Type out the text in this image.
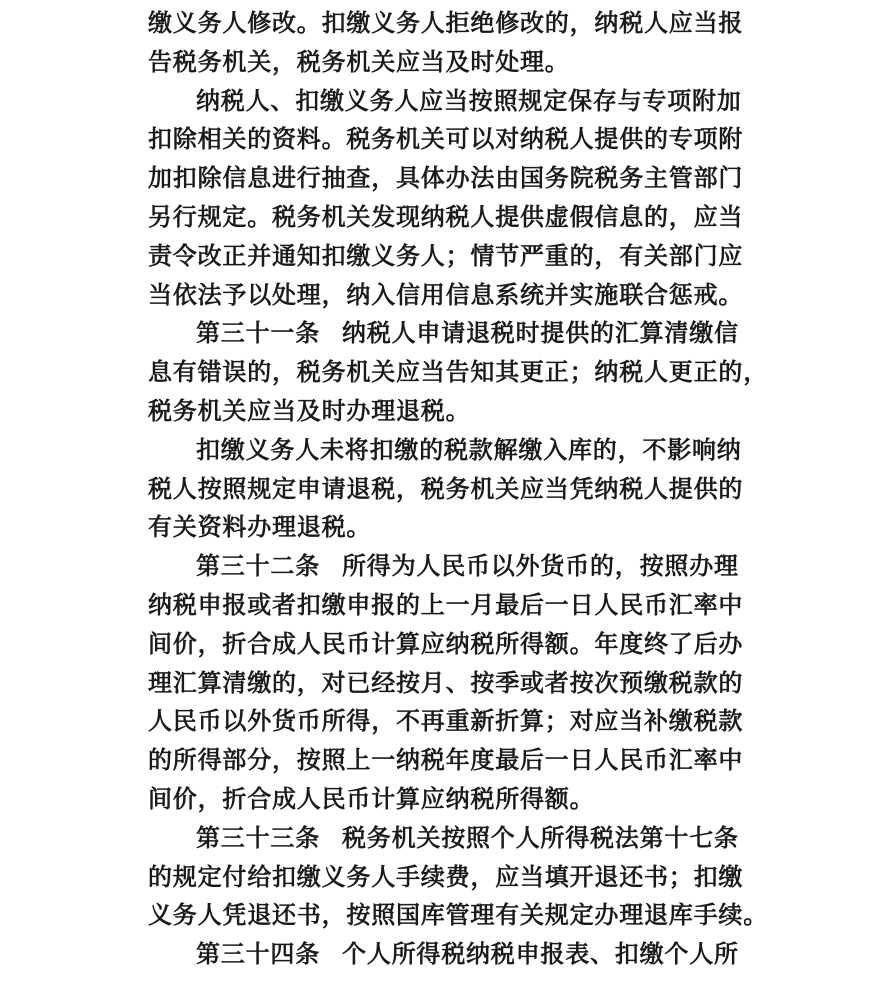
缴义务人修改。扣缴义务人拒绝修改的，纳税人应当报
告税务机关，税务机关应当及时处理。
纳税人、扣缴义务人应当按照规定保存与专项附加
扣除相关的资料。税务机关可以对纳税人提供的专项附
加扣除信息进行抽查，具体办法由国务院税务主管部门
另行规定。税务机关发现纳税人提供虚假信息的，应当
责令改正并通知扣缴义务人；情节严重的，有关部门应
当依法予以处理，纳入信用信息系统并实施联合惩戒。
第三十一条 纳税人申请退税时提供的汇算清缴信
息有错误的，税务机关应当告知其更正；纳税人更正的，
税务机关应当及时办理退税。
扣缴义务人未将扣缴的税款解缴入库的，不影响纳
税人按照规定申请退税，税务机关应当凭纳税人提供的
有关资料办理退税。
第三十二条 所得为人民币以外货币的，按照办理
纳税申报或者扣缴申报的上一月最后一日人民币汇率中
间价，折合成人民币计算应纳税所得额。年度终了后办
理汇算清缴的，对已经按月、按季或者按次预缴税款的
人民币以外货币所得，不再重新折算；对应当补缴税款
的所得部分，按照上一纳税年度最后一日人民币汇率中
间价，折合成人民币计算应纳税所得额。
第三十三条 税务机关按照个人所得税法第十七条
的规定付给扣缴义务人手续费，应当填开退还书；扣缴
义务人凭退还书，按照国库管理有关规定办理退库手续。
第三十四条 个人所得税纳税申报表、扣缴个人所
